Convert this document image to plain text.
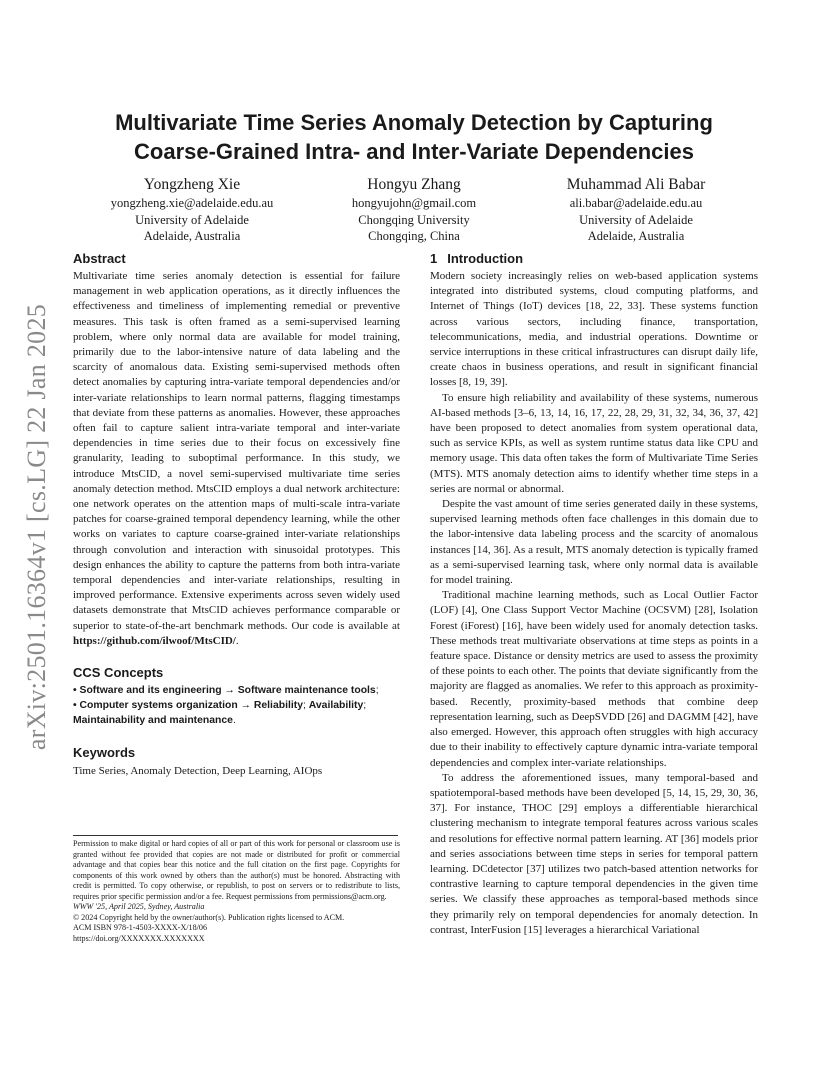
arXiv:2501.16364v1 [cs.LG] 22 Jan 2025
Multivariate Time Series Anomaly Detection by Capturing
Coarse-Grained Intra- and Inter-Variate Dependencies
Yongzheng Xie
yongzheng.xie@adelaide.edu.au
University of Adelaide
Adelaide, Australia
Hongyu Zhang
hongyujohn@gmail.com
Chongqing University
Chongqing, China
Muhammad Ali Babar
ali.babar@adelaide.edu.au
University of Adelaide
Adelaide, Australia
Abstract

Multivariate time series anomaly detection is essential for failure management in web application operations, as it directly influences the effectiveness and timeliness of implementing remedial or preventive measures. This task is often framed as a semi-supervised learning problem, where only normal data are available for model training, primarily due to the labor-intensive nature of data labeling and the scarcity of anomalous data. Existing semi-supervised methods often detect anomalies by capturing intra-variate temporal dependencies and/or inter-variate relationships to learn normal patterns, flagging timestamps that deviate from these patterns as anomalies. However, these approaches often fail to capture salient intra-variate temporal and inter-variate dependencies in time series due to their focus on excessively fine granularity, leading to suboptimal performance. In this study, we introduce MtsCID, a novel semi-supervised multivariate time series anomaly detection method. MtsCID employs a dual network architecture: one network operates on the attention maps of multi-scale intra-variate patches for coarse-grained temporal dependency learning, while the other works on variates to capture coarse-grained inter-variate relationships through convolution and interaction with sinusoidal prototypes. This design enhances the ability to capture the patterns from both intra-variate temporal dependencies and inter-variate relationships, resulting in improved performance. Extensive experiments across seven widely used datasets demonstrate that MtsCID achieves performance comparable or superior to state-of-the-art benchmark methods. Our code is available at https://github.com/ilwoof/MtsCID/.

CCS Concepts
• Software and its engineering → Software maintenance tools;
• Computer systems organization → Reliability; Availability;
Maintainability and maintenance.
Keywords

Time Series, Anomaly Detection, Deep Learning, AIOps

Permission to make digital or hard copies of all or part of this work for personal or classroom use is granted without fee provided that copies are not made or distributed for profit or commercial advantage and that copies bear this notice and the full citation on the first page. Copyrights for components of this work owned by others than the author(s) must be honored. Abstracting with credit is permitted. To copy otherwise, or republish, to post on servers or to redistribute to lists, requires prior specific permission and/or a fee. Request permissions from permissions@acm.org.
WWW '25, April 2025, Sydney, Australia
© 2024 Copyright held by the owner/author(s). Publication rights licensed to ACM.
ACM ISBN 978-1-4503-XXXX-X/18/06
https://doi.org/XXXXXXX.XXXXXXX
1 Introduction

Modern society increasingly relies on web-based application systems integrated into distributed systems, cloud computing platforms, and Internet of Things (IoT) devices [18, 22, 33]. These systems function across various sectors, including finance, transportation, telecommunications, media, and industrial operations. Downtime or service interruptions in these critical infrastructures can disrupt daily life, create chaos in business operations, and result in significant financial losses [8, 19, 39].

To ensure high reliability and availability of these systems, numerous AI-based methods [3–6, 13, 14, 16, 17, 22, 28, 29, 31, 32, 34, 36, 37, 42] have been proposed to detect anomalies from system operational data, such as service KPIs, as well as system runtime status data like CPU and memory usage. This data often takes the form of Multivariate Time Series (MTS). MTS anomaly detection aims to identify whether time steps in a series are normal or abnormal.

Despite the vast amount of time series generated daily in these systems, supervised learning methods often face challenges in this domain due to the labor-intensive data labeling process and the scarcity of anomalous instances [14, 36]. As a result, MTS anomaly detection is typically framed as a semi-supervised learning task, where only normal data is available for model training.

Traditional machine learning methods, such as Local Outlier Factor (LOF) [4], One Class Support Vector Machine (OCSVM) [28], Isolation Forest (iForest) [16], have been widely used for anomaly detection tasks. These methods treat multivariate observations at time steps as points in a feature space. Distance or density metrics are used to assess the proximity of these points to each other. The points that deviate significantly from the majority are flagged as anomalies. We refer to this approach as proximity-based. Recently, proximity-based methods that combine deep representation learning, such as DeepSVDD [26] and DAGMM [42], have also emerged. However, this approach often struggles with high accuracy due to their inability to effectively capture dynamic intra-variate temporal dependencies and complex inter-variate relationships.

To address the aforementioned issues, many temporal-based and spatiotemporal-based methods have been developed [5, 14, 15, 29, 30, 36, 37]. For instance, THOC [29] employs a differentiable hierarchical clustering mechanism to integrate temporal features across various scales and resolutions for effective normal pattern learning. AT [36] models prior and series associations between time steps in series for temporal pattern learning. DCdetector [37] utilizes two patch-based attention networks for contrastive learning to capture temporal dependencies in the given time series. We classify these approaches as temporal-based methods since they primarily rely on temporal dependencies for anomaly detection. In contrast, InterFusion [15] leverages a hierarchical Variational
